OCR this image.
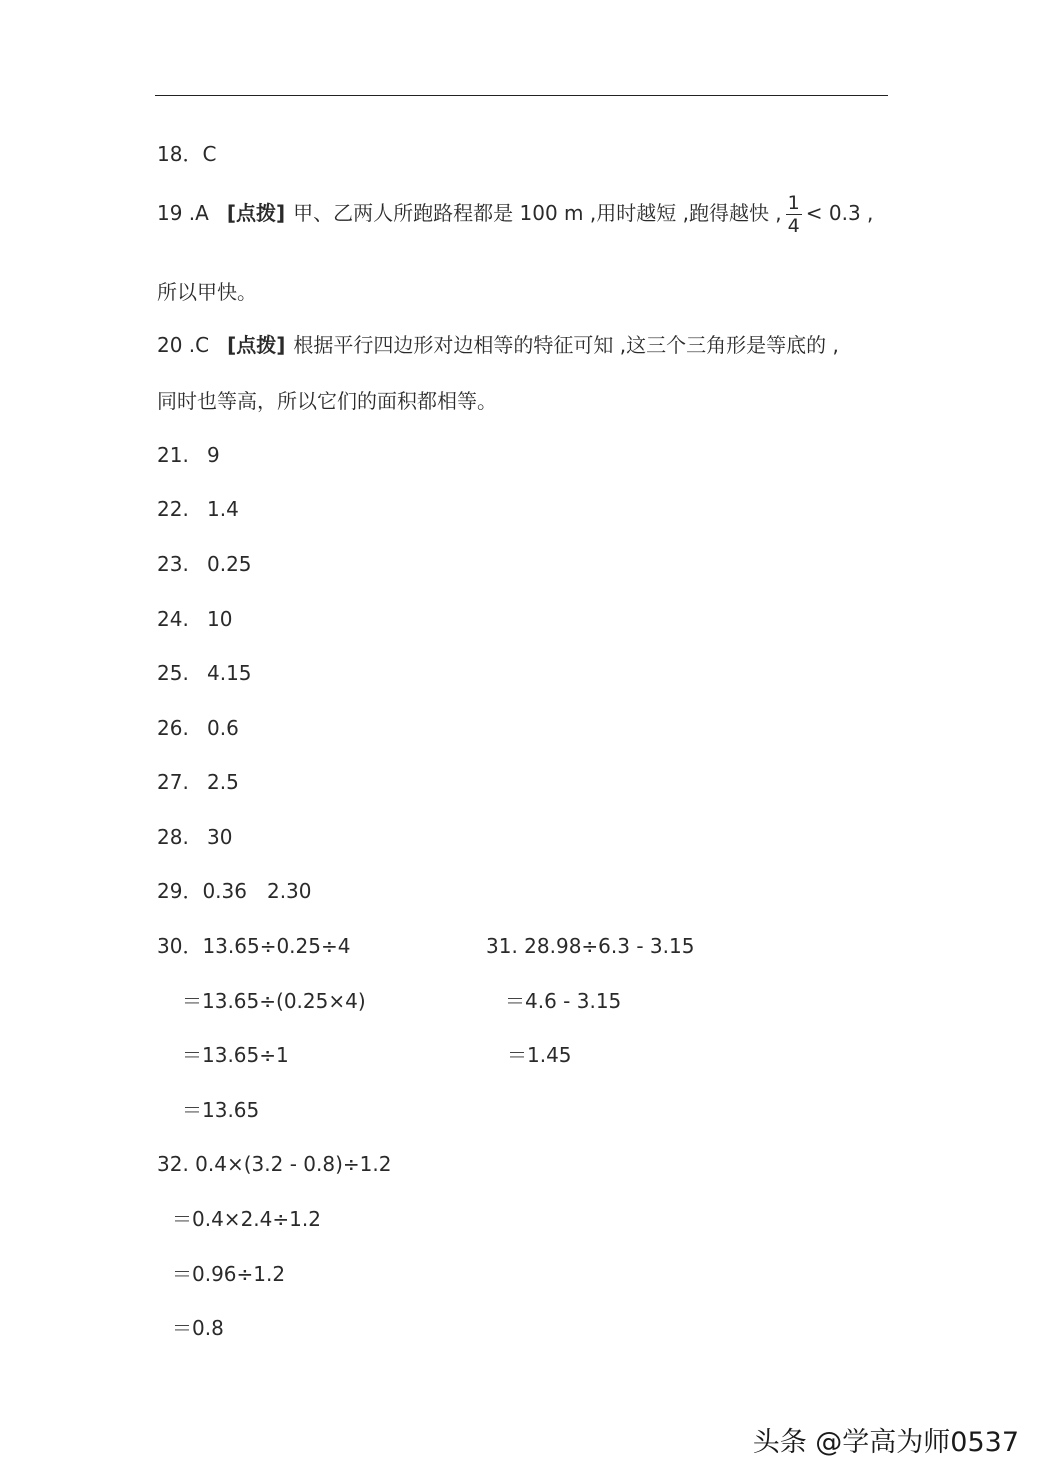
18．C
19 .A [点拨] 甲、乙两人所跑路程都是 100 m ,用时越短 ,跑得越快 , $\frac{1}{4} < 0.3$ ,
所以甲快。
20 .C [点拨] 根据平行四边形对边相等的特征可知 ,这三个三角形是等底的 ,
同时也等高，所以它们的面积都相等。
21. 9
22. 1.4
23. 0.25
24. 10
25. 4.15
26. 0.6
27. 2.5
28. 30
29．0.36　2.30
30．13.65÷0.25÷4
＝13.65÷(0.25×4)
＝13.65÷1
＝13.65
31. 28.98÷6.3 - 3.15
＝4.6 - 3.15
＝1.45
32. 0.4×(3.2 - 0.8)÷1.2
＝0.4×2.4÷1.2
＝0.96÷1.2
＝0.8
头条 @学高为师0537
